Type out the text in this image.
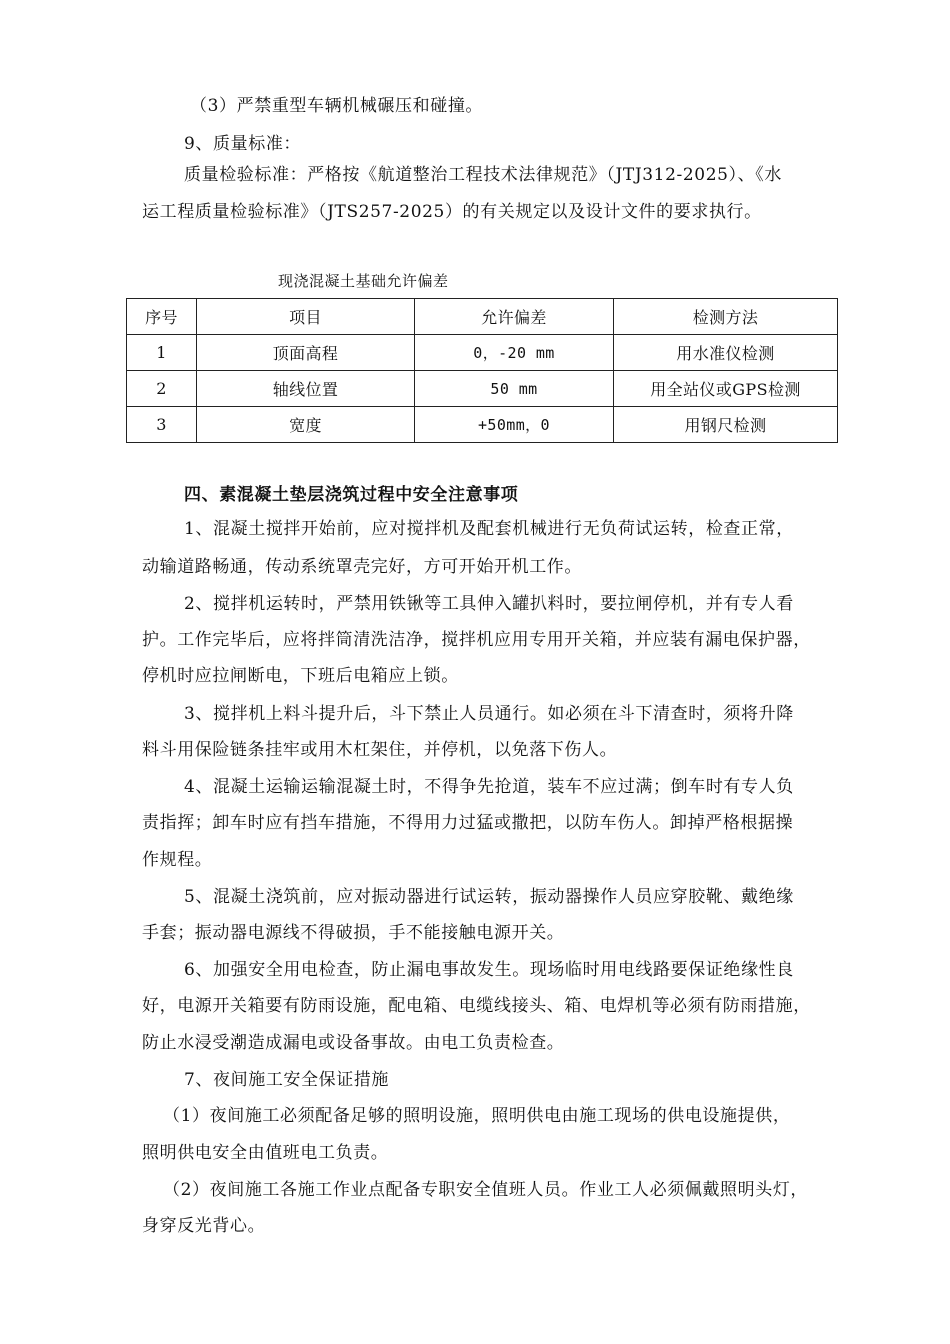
（3）严禁重型车辆机械碾压和碰撞。
9、质量标准：
质量检验标准：严格按《航道整治工程技术法律规范》（JTJ312-2025）、《水
运工程质量检验标准》（JTS257-2025）的有关规定以及设计文件的要求执行。
现浇混凝土基础允许偏差
序号	项目	允许偏差	检测方法
1	顶面高程	0，-20 mm	用水准仪检测
2	轴线位置	50 mm	用全站仪或GPS检测
3	宽度	+50mm，0	用钢尺检测
四、素混凝土垫层浇筑过程中安全注意事项
1、混凝土搅拌开始前，应对搅拌机及配套机械进行无负荷试运转，检查正常，
动输道路畅通，传动系统罩壳完好，方可开始开机工作。
2、搅拌机运转时，严禁用铁锹等工具伸入罐扒料时，要拉闸停机，并有专人看
护。工作完毕后，应将拌筒清洗洁净，搅拌机应用专用开关箱，并应装有漏电保护器，
停机时应拉闸断电，下班后电箱应上锁。
3、搅拌机上料斗提升后，斗下禁止人员通行。如必须在斗下清查时，须将升降
料斗用保险链条挂牢或用木杠架住，并停机，以免落下伤人。
4、混凝土运输运输混凝土时，不得争先抢道，装车不应过满；倒车时有专人负
责指挥；卸车时应有挡车措施，不得用力过猛或撒把，以防车伤人。卸掉严格根据操
作规程。
5、混凝土浇筑前，应对振动器进行试运转，振动器操作人员应穿胶靴、戴绝缘
手套；振动器电源线不得破损，手不能接触电源开关。
6、加强安全用电检查，防止漏电事故发生。现场临时用电线路要保证绝缘性良
好，电源开关箱要有防雨设施，配电箱、电缆线接头、箱、电焊机等必须有防雨措施，
防止水浸受潮造成漏电或设备事故。由电工负责检查。
7、夜间施工安全保证措施
（1）夜间施工必须配备足够的照明设施，照明供电由施工现场的供电设施提供，
照明供电安全由值班电工负责。
（2）夜间施工各施工作业点配备专职安全值班人员。作业工人必须佩戴照明头灯，
身穿反光背心。
